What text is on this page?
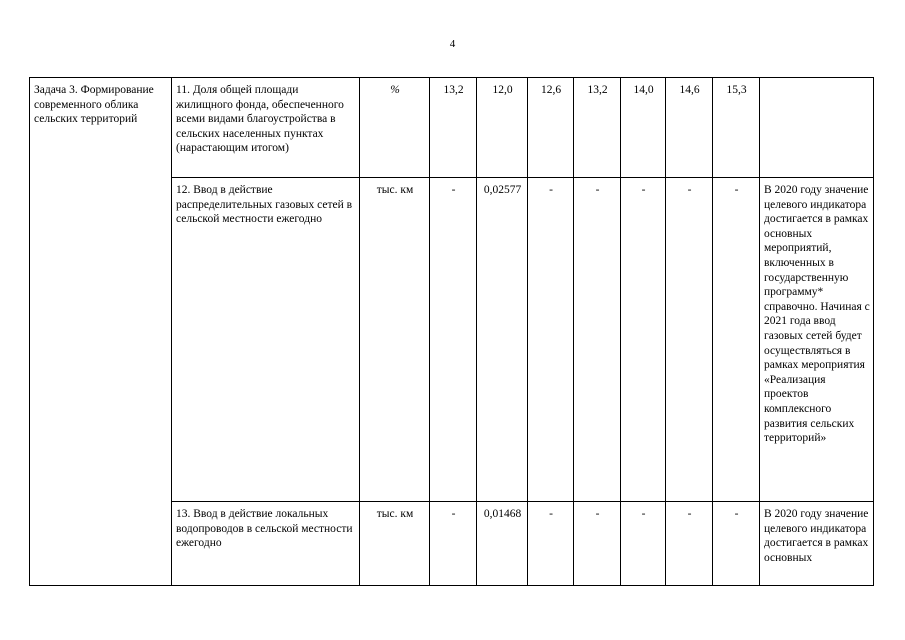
4
Задача 3. Формирование современного облика сельских территорий	11. Доля общей площади жилищного фонда, обеспеченного всеми видами благоустройства в сельских населенных пунктах (нарастающим итогом)	%	13,2	12,0	12,6	13,2	14,0	14,6	15,3	
	12. Ввод в действие распределительных газовых сетей в сельской местности ежегодно	тыс. км	-	0,02577	-	-	-	-	-	В 2020 году значение целевого индикатора достигается в рамках основных мероприятий, включенных в государственную программу* справочно. Начиная с 2021 года ввод газовых сетей будет осуществляться в рамках мероприятия «Реализация проектов комплексного развития сельских территорий»
	13. Ввод в действие локальных водопроводов в сельской местности ежегодно	тыс. км	-	0,01468	-	-	-	-	-	В 2020 году значение целевого индикатора достигается в рамках основных
